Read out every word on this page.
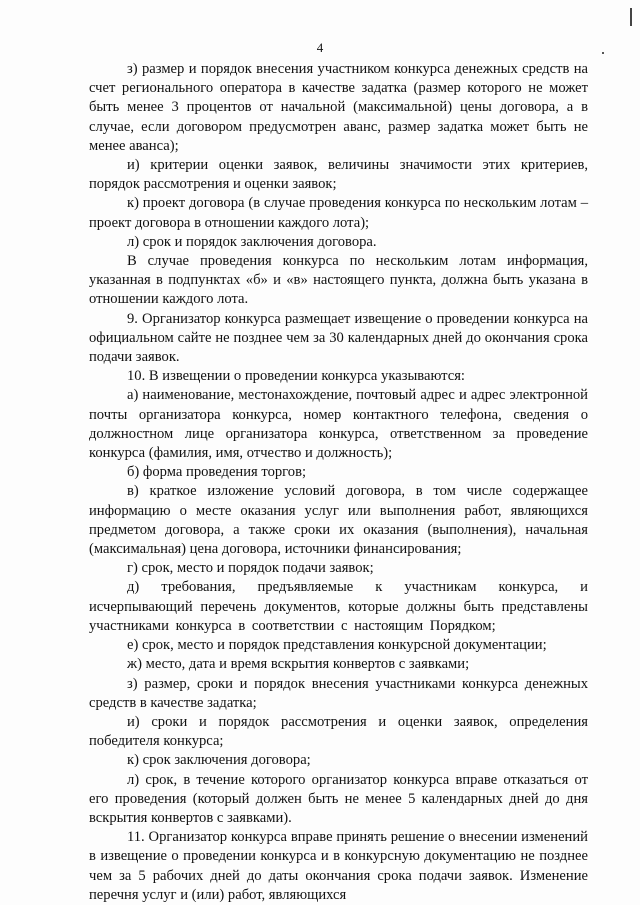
4

з) размер и порядок внесения участником конкурса денежных средств на счет регионального оператора в качестве задатка (размер которого не может быть менее 3 процентов от начальной (максимальной) цены договора, а в случае, если договором предусмотрен аванс, размер задатка может быть не менее аванса);

и) критерии оценки заявок, величины значимости этих критериев, порядок рассмотрения и оценки заявок;

к) проект договора (в случае проведения конкурса по нескольким лотам – проект договора в отношении каждого лота);

л) срок и порядок заключения договора.

В случае проведения конкурса по нескольким лотам информация, указанная в подпунктах «б» и «в» настоящего пункта, должна быть указана в отношении каждого лота.

9. Организатор конкурса размещает извещение о проведении конкурса на официальном сайте не позднее чем за 30 календарных дней до окончания срока подачи заявок.

10. В извещении о проведении конкурса указываются:

а) наименование, местонахождение, почтовый адрес и адрес электронной почты организатора конкурса, номер контактного телефона, сведения о должностном лице организатора конкурса, ответственном за проведение конкурса (фамилия, имя, отчество и должность);

б) форма проведения торгов;

в) краткое изложение условий договора, в том числе содержащее информацию о месте оказания услуг или выполнения работ, являющихся предметом договора, а также сроки их оказания (выполнения), начальная (максимальная) цена договора, источники финансирования;

г) срок, место и порядок подачи заявок;

д) требования, предъявляемые к участникам конкурса, и исчерпывающий перечень документов, которые должны быть представлены участниками конкурса в соответствии с настоящим Порядком;

е) срок, место и порядок представления конкурсной документации;

ж) место, дата и время вскрытия конвертов с заявками;

з) размер, сроки и порядок внесения участниками конкурса денежных средств в качестве задатка;

и) сроки и порядок рассмотрения и оценки заявок, определения победителя конкурса;

к) срок заключения договора;

л) срок, в течение которого организатор конкурса вправе отказаться от его проведения (который должен быть не менее 5 календарных дней до дня вскрытия конвертов с заявками).

11. Организатор конкурса вправе принять решение о внесении изменений в извещение о проведении конкурса и в конкурсную документацию не позднее чем за 5 рабочих дней до даты окончания срока подачи заявок. Изменение перечня услуг и (или) работ, являющихся
